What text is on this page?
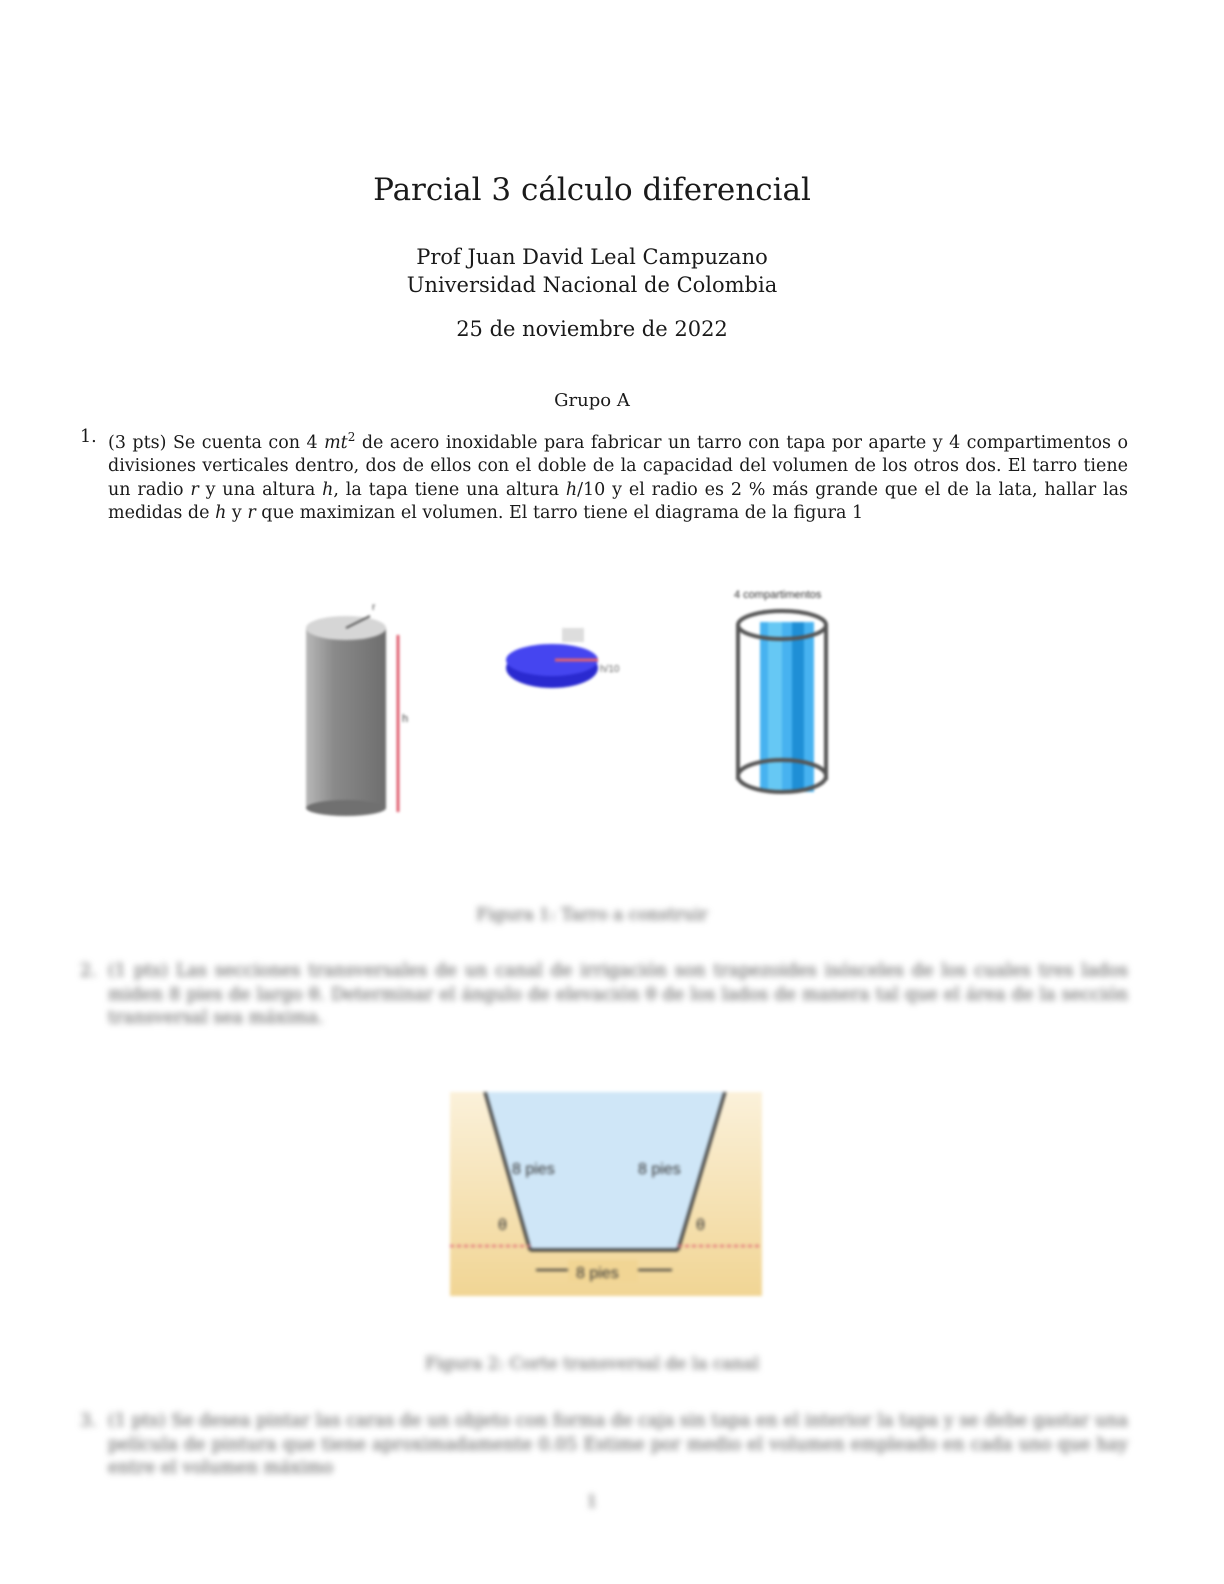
Parcial 3 cálculo diferencial
Prof Juan David Leal Campuzano
Universidad Nacional de Colombia
25 de noviembre de 2022
Grupo A
1. (3 pts) Se cuenta con 4 $mt^2$ de acero inoxidable para fabricar un tarro con tapa por aparte y 4 compartimentos o divisiones verticales dentro, dos de ellos con el doble de la capacidad del volumen de los otros dos. El tarro tiene un radio r y una altura h, la tapa tiene una altura h/10 y el radio es 2 % más grande que el de la lata, hallar las medidas de h y r que maximizan el volumen. El tarro tiene el diagrama de la figura 1
r
h
h/10
4 compartimentos
Figura 1: Tarro a construir
2. (1 pts) Las secciones transversales de un canal de irrigación son trapezoides isósceles de los cuales tres lados miden 8 pies de largo θ. Determinar el ángulo de elevación θ de los lados de manera tal que el área de la sección transversal sea máxima.
8 pies	8 pies
θ	θ
8 pies
Figura 2: Corte transversal de la canal
3. (1 pts) Se desea pintar las caras de un objeto con forma de caja sin tapa en el interior la tapa y se debe gastar una película de pintura que tiene aproximadamente 0.05 Estime por medio el volumen empleado en cada uno que hay entre el volumen máximo
1
